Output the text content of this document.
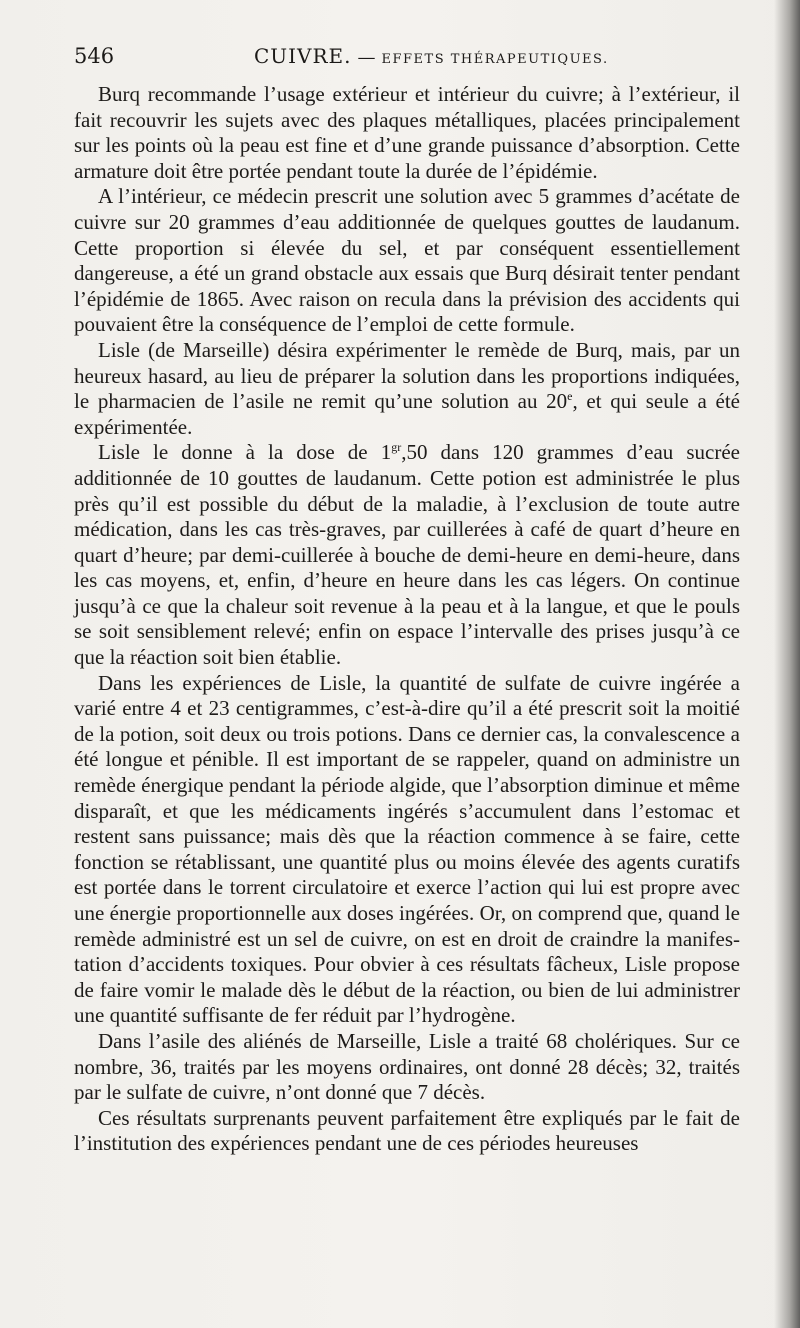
546	CUIVRE. — EFFETS THÉRAPEUTIQUES.

Burq recommande l’usage extérieur et intérieur du cuivre; à l’extérieur, il fait recouvrir les sujets avec des plaques métalliques, placées principalement sur les points où la peau est fine et d’une grande puissance d’absorption. Cette armature doit être portée pendant toute la durée de l’épidémie.

A l’intérieur, ce médecin prescrit une solution avec 5 grammes d’acétate de cuivre sur 20 grammes d’eau additionnée de quelques gouttes de laudanum. Cette proportion si élevée du sel, et par conséquent essentiellement dangereuse, a été un grand obstacle aux essais que Burq désirait tenter pendant l’épidémie de 1865. Avec raison on recula dans la prévision des accidents qui pouvaient être la conséquence de l’emploi de cette formule.

Lisle (de Marseille) désira expérimenter le remède de Burq, mais, par un heureux hasard, au lieu de préparer la solution dans les proportions indiquées, le pharmacien de l’asile ne remit qu’une solution au 20e, et qui seule a été expérimentée.

Lisle le donne à la dose de $1^{gr},50$ dans 120 grammes d’eau sucrée additionnée de 10 gouttes de laudanum. Cette potion est administrée le plus près qu’il est possible du début de la maladie, à l’exclusion de toute autre médication, dans les cas très-graves, par cuillerées à café de quart d’heure en quart d’heure; par demi-cuillerée à bouche de demi-heure en demi-heure, dans les cas moyens, et, enfin, d’heure en heure dans les cas légers. On continue jusqu’à ce que la chaleur soit revenue à la peau et à la langue, et que le pouls se soit sensiblement relevé; enfin on espace l’intervalle des prises jusqu’à ce que la réaction soit bien établie.

Dans les expériences de Lisle, la quantité de sulfate de cuivre ingérée a varié entre 4 et 23 centigrammes, c’est-à-dire qu’il a été prescrit soit la moitié de la potion, soit deux ou trois potions. Dans ce dernier cas, la convalescence a été longue et pénible. Il est important de se rappeler, quand on administre un remède énergique pendant la période algide, que l’absorption diminue et même disparaît, et que les médicaments ingérés s’accumulent dans l’estomac et restent sans puissance; mais dès que la réaction commence à se faire, cette fonction se rétablissant, une quantité plus ou moins élevée des agents curatifs est portée dans le torrent circulatoire et exerce l’action qui lui est propre avec une énergie proportionnelle aux doses ingérées. Or, on comprend que, quand le remède administré est un sel de cuivre, on est en droit de craindre la manifestation d’accidents toxiques. Pour obvier à ces résultats fâcheux, Lisle propose de faire vomir le malade dès le début de la réaction, ou bien de lui administrer une quantité suffisante de fer réduit par l’hydrogène.

Dans l’asile des aliénés de Marseille, Lisle a traité 68 cholériques. Sur ce nombre, 36, traités par les moyens ordinaires, ont donné 28 décès; 32, traités par le sulfate de cuivre, n’ont donné que 7 décès.

Ces résultats surprenants peuvent parfaitement être expliqués par le fait de l’institution des expériences pendant une de ces périodes heureuses
